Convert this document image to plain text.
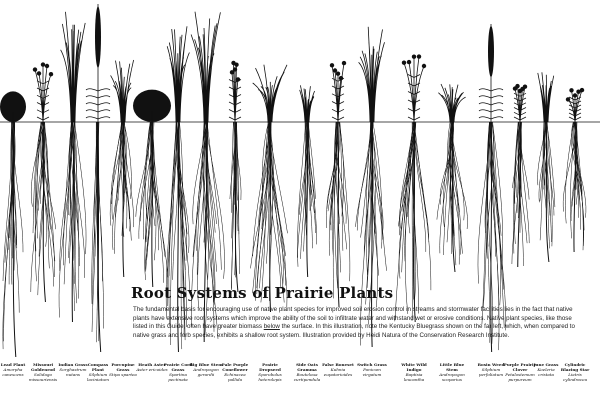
Root Systems of Prairie Plants
The fundamental basis for encouraging use of native plant species for improved soil erosion control in streams and stormwater facilities lies in the fact that native plants have extensive root systems which improve the ability of the soil to infiltrate water and withstand wet or erosive conditions. Native plant species, like those listed in this Guide, often have greater biomass below the surface. In this illustration, note the Kentucky Bluegrass shown on the far left, which, when compared to native grass and forb species, exhibits a shallow root system. Illustration provided by Heidi Natura of the Conservation Research Institute.
Lead Plant
Amorpha canescens
Missouri Goldenrod
Solidago missouriensis
Indian Grass
Sorghastrum nutans
Compass Plant
Silphium laciniatum
Porcupine Grass
Stipa spartea
Heath Aster
Aster ericoides
Prairie Cord Grass
Spartina pectinata
Big Blue Stem
Andropogon gerardii
Pale Purple Coneflower
Echinacea pallida
Prairie Dropseed
Sporobolus heterolepis
Side Oats Gramma
Bouteloua curtipendula
False Boneset
Kuhnia eupatorioides
Switch Grass
Panicum virgatum
White Wild Indigo
Baptisia leucantha
Little Blue Stem
Andropogon scoparius
Rosin Weed
Silphium perfoliatum
Purple Prairie Clover
Petalostemum purpureum
June Grass
Koeleria cristata
Cylindric Blazing Star
Liatris cylindracea
